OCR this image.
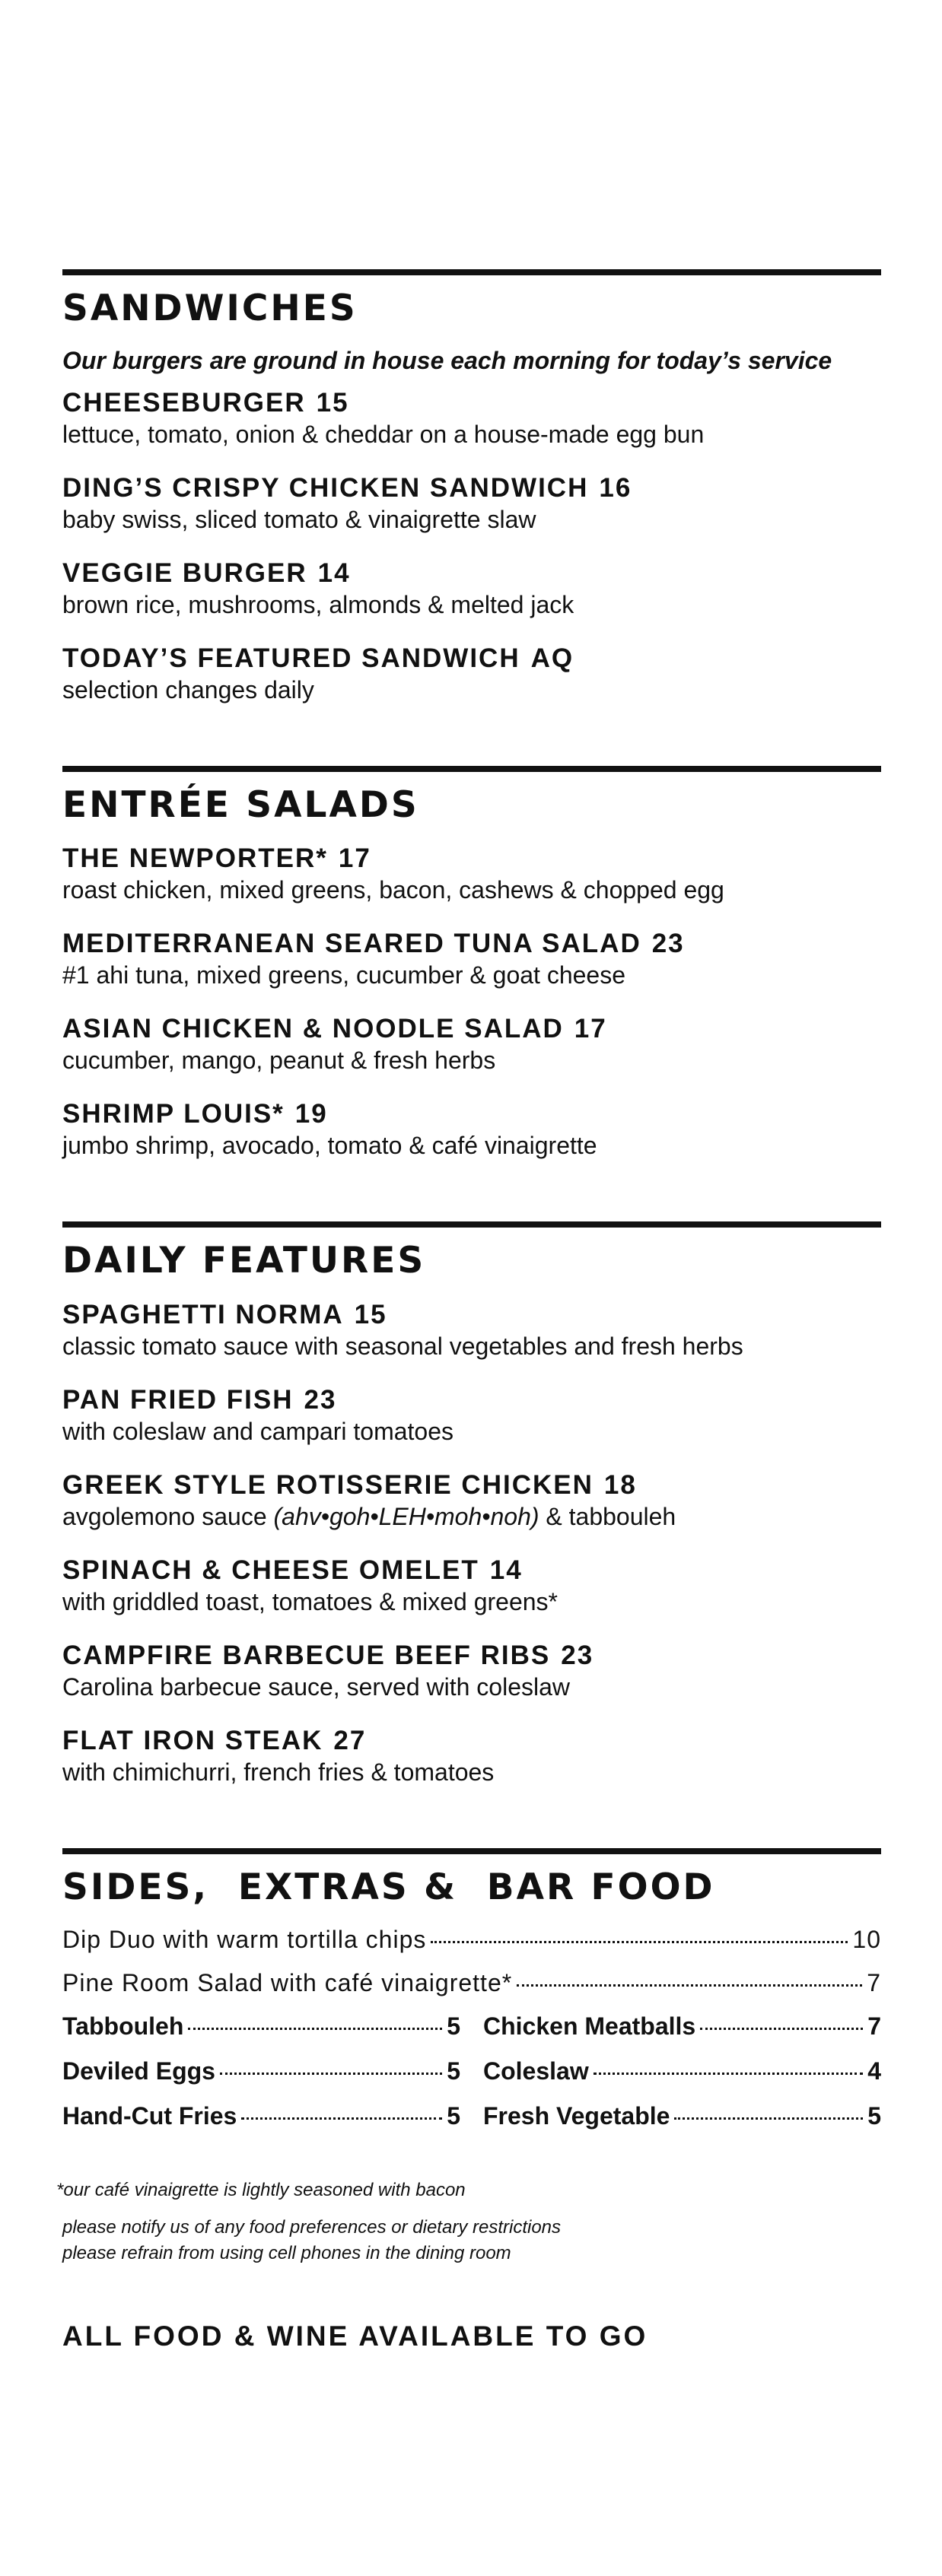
SANDWICHES
Our burgers are ground in house each morning for today’s service
CHEESEBURGER 15
lettuce, tomato, onion & cheddar on a house-made egg bun
DING’S CRISPY CHICKEN SANDWICH 16
baby swiss, sliced tomato & vinaigrette slaw
VEGGIE BURGER 14
brown rice, mushrooms, almonds & melted jack
TODAY’S FEATURED SANDWICH AQ
selection changes daily
ENTRÉE SALADS
THE NEWPORTER* 17
roast chicken, mixed greens, bacon, cashews & chopped egg
MEDITERRANEAN SEARED TUNA SALAD 23
#1 ahi tuna, mixed greens, cucumber & goat cheese
ASIAN CHICKEN & NOODLE SALAD 17
cucumber, mango, peanut & fresh herbs
SHRIMP LOUIS* 19
jumbo shrimp, avocado, tomato & café vinaigrette
DAILY FEATURES
SPAGHETTI NORMA 15
classic tomato sauce with seasonal vegetables and fresh herbs
PAN FRIED FISH 23
with coleslaw and campari tomatoes
GREEK STYLE ROTISSERIE CHICKEN 18
avgolemono sauce (ahv•goh•LEH•moh•noh) & tabbouleh
SPINACH & CHEESE OMELET 14
with griddled toast, tomatoes & mixed greens*
CAMPFIRE BARBECUE BEEF RIBS 23
Carolina barbecue sauce, served with coleslaw
FLAT IRON STEAK 27
with chimichurri, french fries & tomatoes
SIDES,  EXTRAS &  BAR FOOD
Dip Duo with warm tortilla chips	10
Pine Room Salad with café vinaigrette*	7
Tabbouleh	5 Chicken Meatballs	7
Deviled Eggs	5 Coleslaw	4
Hand-Cut Fries	5 Fresh Vegetable	5
*our café vinaigrette is lightly seasoned with bacon
please notify us of any food preferences or dietary restrictions
please refrain from using cell phones in the dining room
ALL FOOD & WINE AVAILABLE TO GO
